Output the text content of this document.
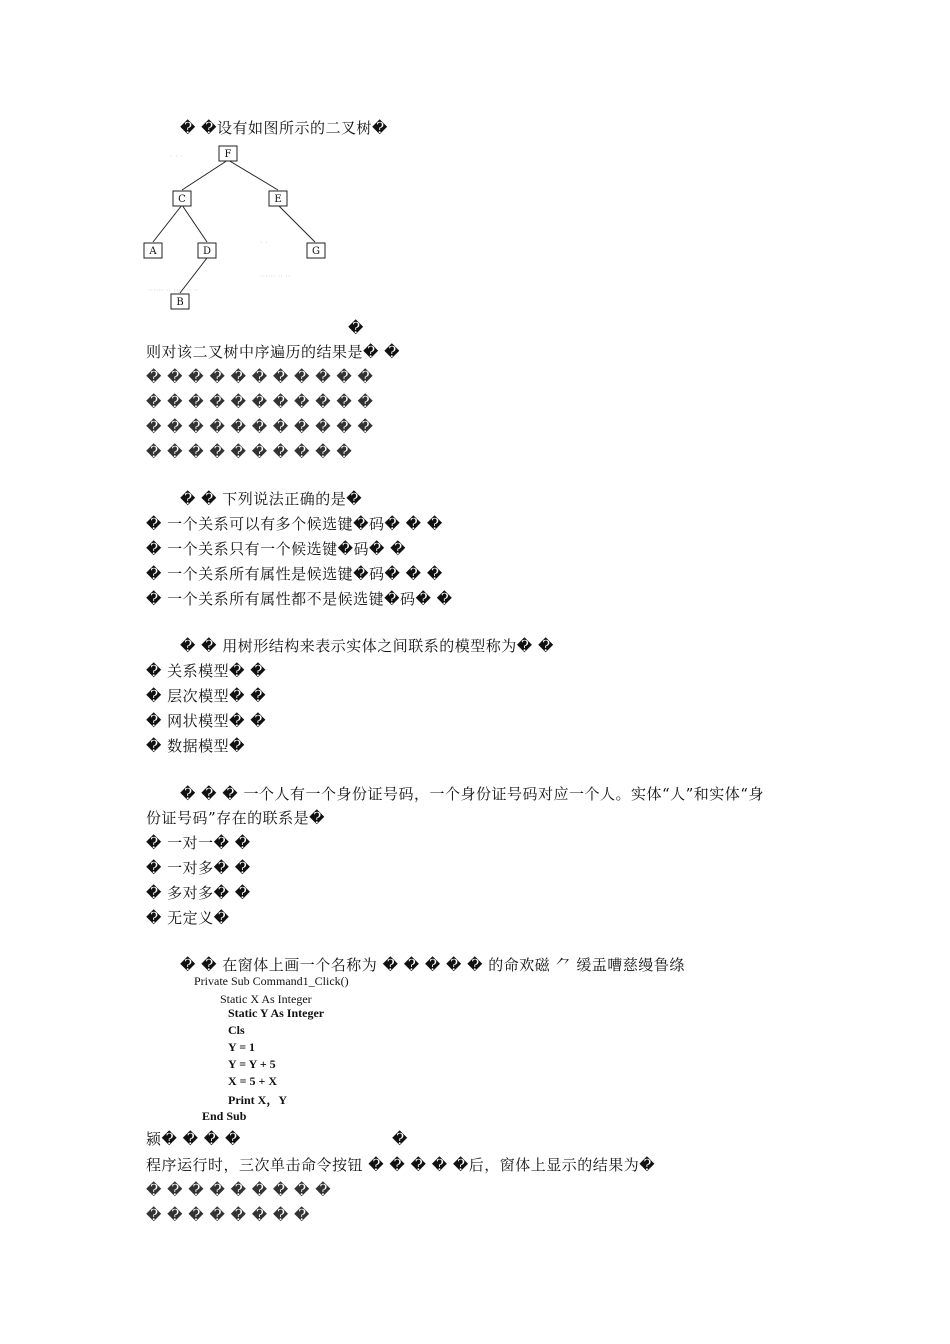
� �设有如图所示的二叉树�
· · ·
· ·
······ ·· ··
······ ·· ··· ··· ··
F
C	E
A	D	G
B
�
则对该二叉树中序遍历的结果是� �
� � � � � � � � � � �
� � � � � � � � � � �
� � � � � � � � � � �
� � � � � � � � � �
� � 下列说法正确的是�
� 一个关系可以有多个候选键�码� � �
� 一个关系只有一个候选键�码� �
� 一个关系所有属性是候选键�码� � �
� 一个关系所有属性都不是候选键�码� �
� � 用树形结构来表示实体之间联系的模型称为� �
� 关系模型� �
� 层次模型� �
� 网状模型� �
� 数据模型�
� � � 一个人有一个身份证号码，一个身份证号码对应一个人。实体“人”和实体“身
份证号码”存在的联系是�
� 一对一� �
� 一对多� �
� 多对多� �
� 无定义�
� � 在窗体上画一个名称为 � � � � � 的命欢磁 ⺈ 缓盂嘈慈缦鲁绦
Private Sub Command1_Click()
Static X As Integer
Static Y As Integer
Cls
Y = 1
Y = Y + 5
X = 5 + X
Print X，Y
End Sub
颍� � � �	�
程序运行时，三次单击命令按钮 � � � � �后，窗体上显示的结果为�
� � � � � � � � �
� � � � � � � �
